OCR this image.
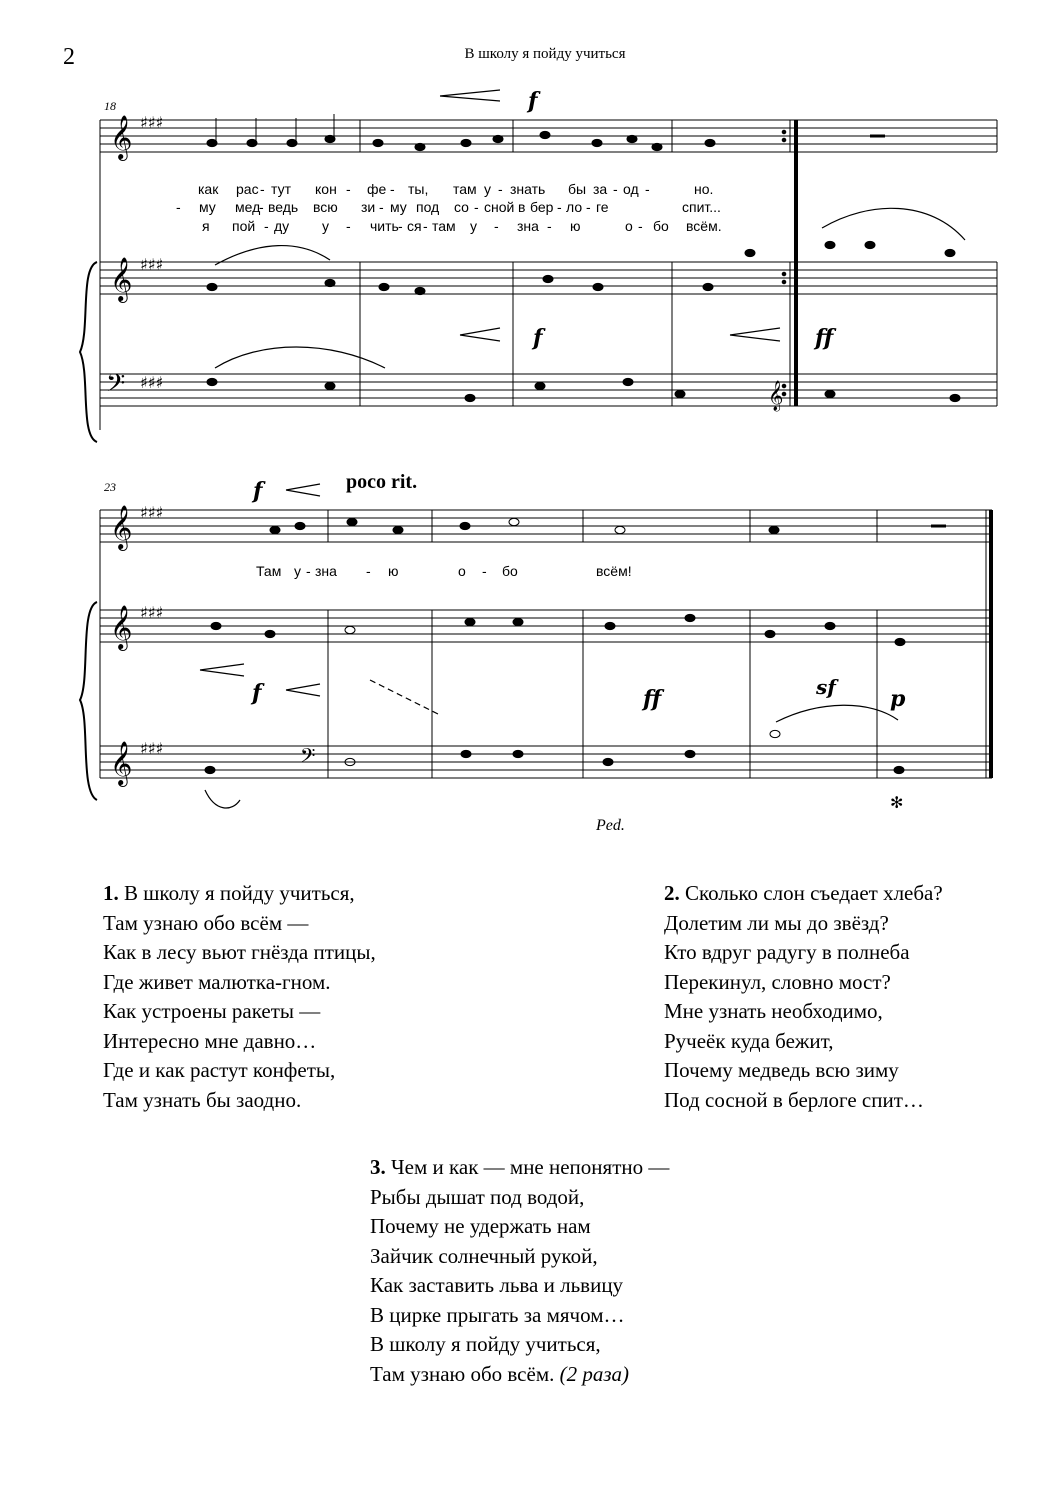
2	В школу я пойду учиться
𝄞
𝄞
𝄢
♯♯♯
♯♯♯
♯♯♯	𝄞
f
f	ff
18
как рас - тут кон - фе - ты, там у - знать бы за - од -	но.
- му мед
- ведь всю зи - му под со - сной в бер - ло - ге	спит...
я пой - ду у - чить - ся - там у - зна - ю	о - бо всём.
𝄞
𝄞
𝄞
♯♯♯
♯♯♯
♯♯♯	𝄢
f	poco rit.
f	ff	sf p
23
Там у - зна - ю	о - бо	всём!
Ped.
✻
1. В школу я пойду учиться,
Там узнаю обо всём —
Как в лесу вьют гнёзда птицы,
Где живет малютка-гном.
Как устроены ракеты —
Интересно мне давно…
Где и как растут конфеты,
Там узнать бы заодно.
2. Сколько слон съедает хлеба?
Долетим ли мы до звёзд?
Кто вдруг радугу в полнеба
Перекинул, словно мост?
Мне узнать необходимо,
Ручеёк куда бежит,
Почему медведь всю зиму
Под сосной в берлоге спит…
3. Чем и как — мне непонятно —
Рыбы дышат под водой,
Почему не удержать нам
Зайчик солнечный рукой,
Как заставить льва и львицу
В цирке прыгать за мячом…
В школу я пойду учиться,
Там узнаю обо всём. (2 раза)
